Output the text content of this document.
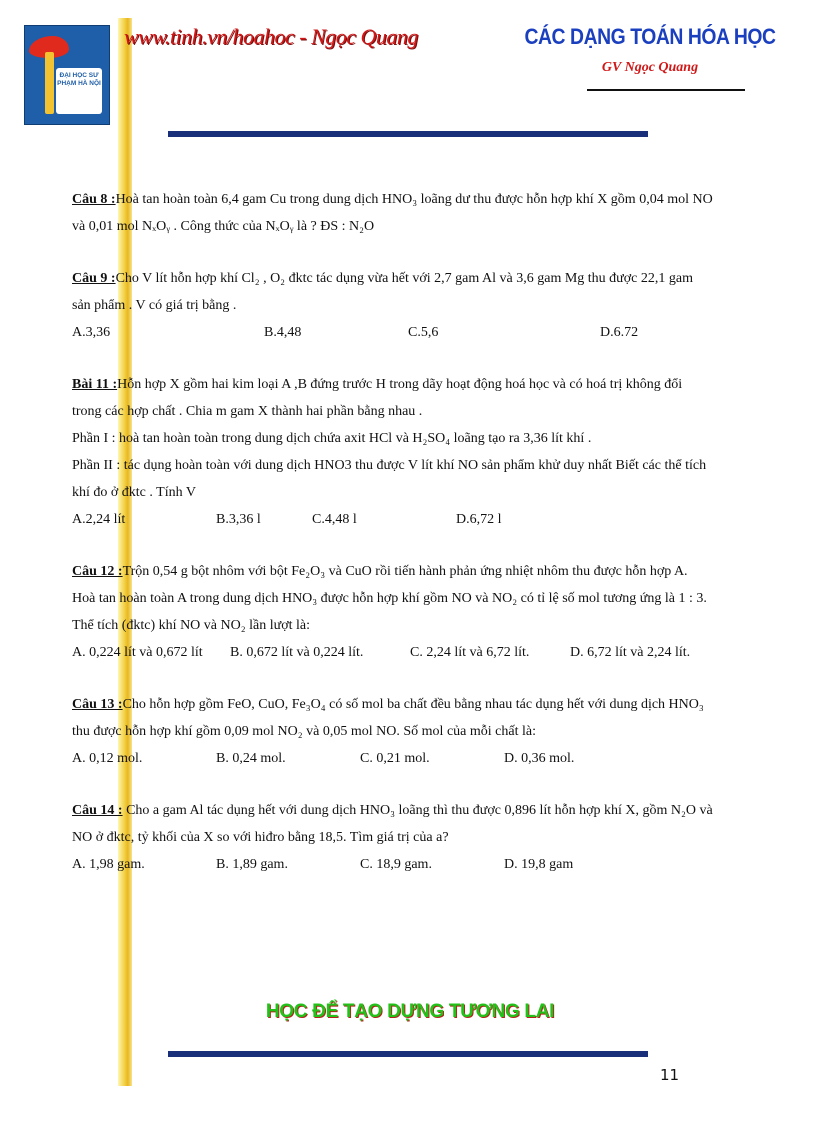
ĐẠI HỌC SƯ PHẠM HÀ NỘI

www.tinh.vn/hoahoc - Ngọc Quang	CÁC DẠNG TOÁN HÓA HỌC
GV Ngọc Quang

Câu 8 :Hoà tan hoàn toàn 6,4 gam Cu trong dung dịch HNO₃ loãng dư thu được hỗn hợp khí X gồm 0,04 mol NO

và 0,01 mol NₓOᵧ . Công thức của NₓOᵧ là ? ĐS : N₂O

Câu 9 :Cho V lít hỗn hợp khí Cl₂ , O₂ đktc tác dụng vừa hết với 2,7 gam Al và 3,6 gam Mg thu được 22,1 gam

sản phẩm . V có giá trị bằng .

A.3,36	B.4,48	C.5,6	D.6.72

Bài 11 :Hỗn hợp X gồm hai kim loại A ,B đứng trước H trong dãy hoạt động hoá học và có hoá trị không đổi

trong các hợp chất . Chia m gam X thành hai phần bằng nhau .

Phần I : hoà tan hoàn toàn trong dung dịch chứa axit HCl và H₂SO₄ loãng tạo ra 3,36 lít khí .

Phần II : tác dụng hoàn toàn với dung dịch HNO3 thu được V lít khí NO sản phẩm khử duy nhất Biết các thể tích

khí đo ở đktc . Tính V

A.2,24 lít	B.3,36 l	C.4,48 l	D.6,72 l

Câu 12 :Trộn 0,54 g bột nhôm với bột Fe₂O₃ và CuO rồi tiến hành phản ứng nhiệt nhôm thu được hỗn hợp A.

Hoà tan hoàn toàn A trong dung dịch HNO₃ được hỗn hợp khí gồm NO và NO₂ có tỉ lệ số mol tương ứng là 1 : 3.

Thể tích (đktc) khí NO và NO₂ lần lượt là:

A. 0,224 lít và 0,672 lít	B. 0,672 lít và 0,224 lít.	C. 2,24 lít và 6,72 lít.	D. 6,72 lít và 2,24 lít.

Câu 13 :Cho hỗn hợp gồm FeO, CuO, Fe₃O₄ có số mol ba chất đều bằng nhau tác dụng hết với dung dịch HNO₃

thu được hỗn hợp khí gồm 0,09 mol NO₂ và 0,05 mol NO. Số mol của mỗi chất là:

A. 0,12 mol.	B. 0,24 mol.	C. 0,21 mol.	D. 0,36 mol.

Câu 14 : Cho a gam Al tác dụng hết với dung dịch HNO₃ loãng thì thu được 0,896 lít hỗn hợp khí X, gồm N₂O và

NO ở đktc, tỷ khối của X so với hiđro bằng 18,5. Tìm giá trị của a?

A. 1,98 gam.	B. 1,89 gam.	C. 18,9 gam.	D. 19,8 gam
HỌC ĐỂ TẠO DỰNG TƯƠNG LAI
11
